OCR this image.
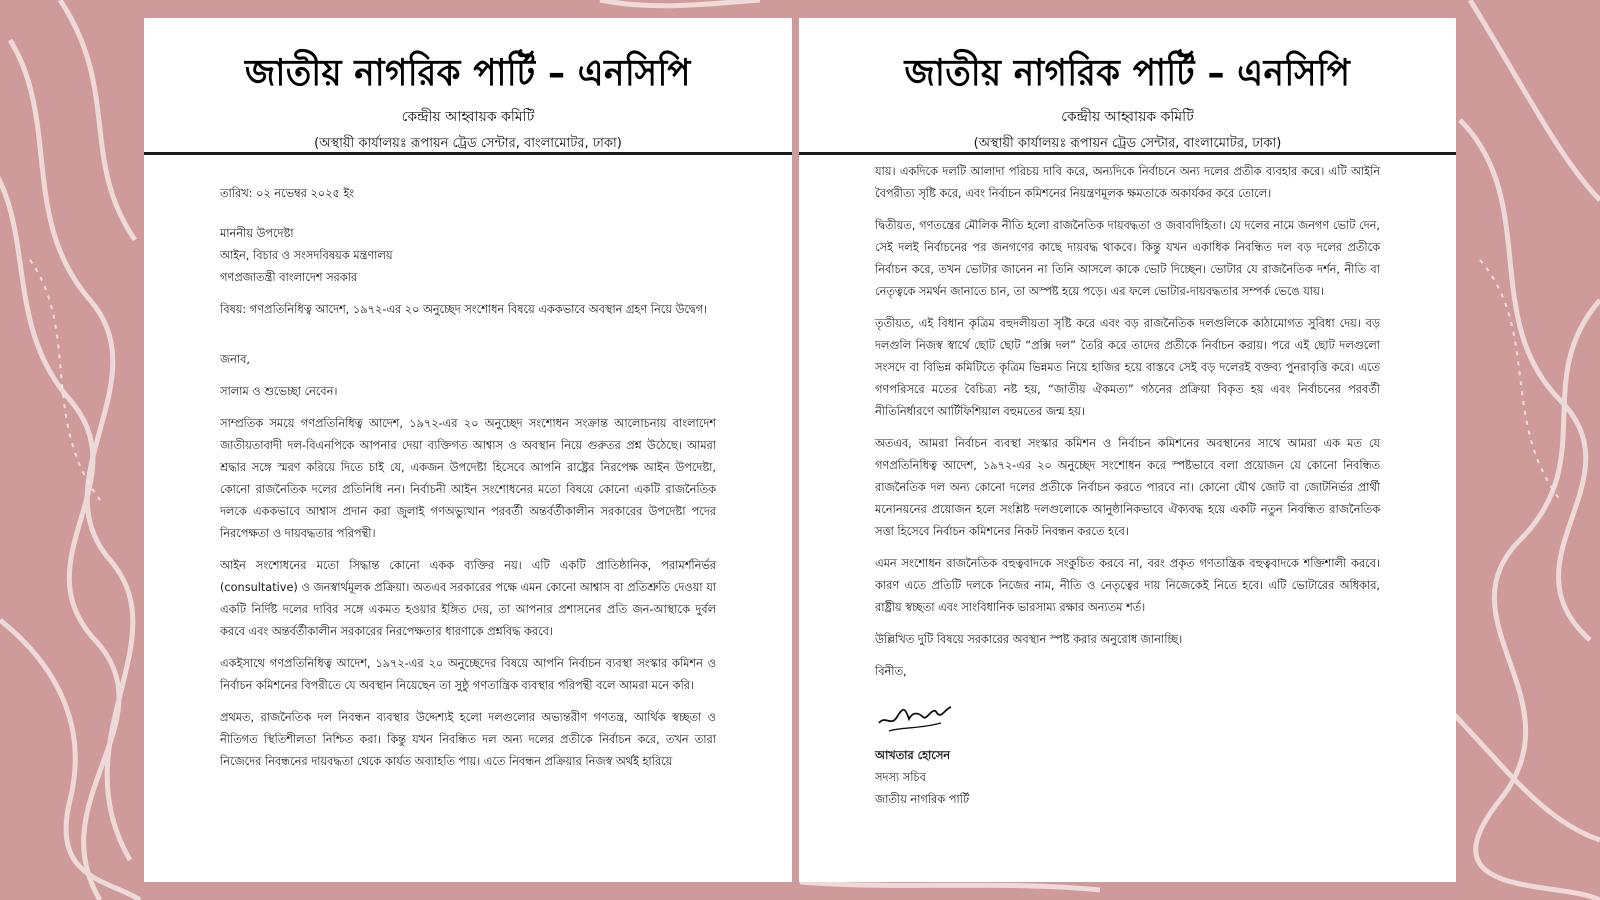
জাতীয় নাগরিক পার্টি – এনসিপি
কেন্দ্রীয় আহ্বায়ক কমিটি
(অস্থায়ী কার্যালয়ঃ রূপায়ন ট্রেড সেন্টার, বাংলামোটর, ঢাকা)

তারিখ: ০২ নভেম্বর ২০২৫ ইং

মাননীয় উপদেষ্টা

আইন, বিচার ও সংসদবিষয়ক মন্ত্রণালয়

গণপ্রজাতন্ত্রী বাংলাদেশ সরকার

বিষয়: গণপ্রতিনিধিত্ব আদেশ, ১৯৭২-এর ২০ অনুচ্ছেদ সংশোধন বিষয়ে এককভাবে অবস্থান গ্রহণ নিয়ে উদ্বেগ।

জনাব,

সালাম ও শুভেচ্ছা নেবেন।

সাম্প্রতিক সময়ে গণপ্রতিনিধিত্ব আদেশ, ১৯৭২-এর ২০ অনুচ্ছেদ সংশোধন সংক্রান্ত আলোচনায় বাংলাদেশ জাতীয়তাবাদী দল-বিএনপিকে আপনার দেয়া ব্যক্তিগত আশ্বাস ও অবস্থান নিয়ে গুরুতর প্রশ্ন উঠেছে। আমরা শ্রদ্ধার সঙ্গে স্মরণ করিয়ে দিতে চাই যে, একজন উপদেষ্টা হিসেবে আপনি রাষ্ট্রের নিরপেক্ষ আইন উপদেষ্টা, কোনো রাজনৈতিক দলের প্রতিনিধি নন। নির্বাচনী আইন সংশোধনের মতো বিষয়ে কোনো একটি রাজনৈতিক দলকে এককভাবে আশ্বাস প্রদান করা জুলাই গণঅভ্যুত্থান পরবর্তী অন্তর্বর্তীকালীন সরকারের উপদেষ্টা পদের নিরপেক্ষতা ও দায়বদ্ধতার পরিপন্থী।

আইন সংশোধনের মতো সিদ্ধান্ত কোনো একক ব্যক্তির নয়। এটি একটি প্রাতিষ্ঠানিক, পরামর্শনির্ভর (consultative) ও জনস্বার্থমূলক প্রক্রিয়া। অতএব সরকারের পক্ষে এমন কোনো আশ্বাস বা প্রতিশ্রুতি দেওয়া যা একটি নির্দিষ্ট দলের দাবির সঙ্গে একমত হওয়ার ইঙ্গিত দেয়, তা আপনার প্রশাসনের প্রতি জন-আস্থাকে দুর্বল করবে এবং অন্তর্বর্তীকালীন সরকারের নিরপেক্ষতার ধারণাকে প্রশ্নবিদ্ধ করবে।

একইসাথে গণপ্রতিনিধিত্ব আদেশ, ১৯৭২-এর ২০ অনুচ্ছেদের বিষয়ে আপনি নির্বাচন ব্যবস্থা সংস্কার কমিশন ও নির্বাচন কমিশনের বিপরীতে যে অবস্থান নিয়েছেন তা সুষ্ঠু গণতান্ত্রিক ব্যবস্থার পরিপন্থী বলে আমরা মনে করি।

প্রথমত, রাজনৈতিক দল নিবন্ধন ব্যবস্থার উদ্দেশ্যই হলো দলগুলোর অভ্যন্তরীণ গণতন্ত্র, আর্থিক স্বচ্ছতা ও নীতিগত স্থিতিশীলতা নিশ্চিত করা। কিন্তু যখন নিবন্ধিত দল অন্য দলের প্রতীকে নির্বাচন করে, তখন তারা নিজেদের নিবন্ধনের দায়বদ্ধতা থেকে কার্যত অব্যাহতি পায়। এতে নিবন্ধন প্রক্রিয়ার নিজস্ব অর্থই হারিয়ে

জাতীয় নাগরিক পার্টি – এনসিপি
কেন্দ্রীয় আহ্বায়ক কমিটি
(অস্থায়ী কার্যালয়ঃ রূপায়ন ট্রেড সেন্টার, বাংলামোটর, ঢাকা)

যায়। একদিকে দলটি আলাদা পরিচয় দাবি করে, অন্যদিকে নির্বাচনে অন্য দলের প্রতীক ব্যবহার করে। এটি আইনি বৈপরীত্য সৃষ্টি করে, এবং নির্বাচন কমিশনের নিয়ন্ত্রণমূলক ক্ষমতাকে অকার্যকর করে তোলে।

দ্বিতীয়ত, গণতন্ত্রের মৌলিক নীতি হলো রাজনৈতিক দায়বদ্ধতা ও জবাবদিহিতা। যে দলের নামে জনগণ ভোট দেন, সেই দলই নির্বাচনের পর জনগণের কাছে দায়বদ্ধ থাকবে। কিন্তু যখন একাধিক নিবন্ধিত দল বড় দলের প্রতীকে নির্বাচন করে, তখন ভোটার জানেন না তিনি আসলে কাকে ভোট দিচ্ছেন। ভোটার যে রাজনৈতিক দর্শন, নীতি বা নেতৃত্বকে সমর্থন জানাতে চান, তা অস্পষ্ট হয়ে পড়ে। এর ফলে ভোটার-দায়বদ্ধতার সম্পর্ক ভেঙে যায়।

তৃতীয়ত, এই বিধান কৃত্রিম বহুদলীয়তা সৃষ্টি করে এবং বড় রাজনৈতিক দলগুলিকে কাঠামোগত সুবিধা দেয়। বড় দলগুলি নিজস্ব স্বার্থে ছোট ছোট “প্রক্সি দল” তৈরি করে তাদের প্রতীকে নির্বাচন করায়। পরে এই ছোট দলগুলো সংসদে বা বিভিন্ন কমিটিতে কৃত্রিম ভিন্নমত নিয়ে হাজির হয়ে বাস্তবে সেই বড় দলেরই বক্তব্য পুনরাবৃত্তি করে। এতে গণপরিসরে মতের বৈচিত্র্য নষ্ট হয়, “জাতীয় ঐকমত্য” গঠনের প্রক্রিয়া বিকৃত হয় এবং নির্বাচনের পরবর্তী নীতিনির্ধারণে আর্টিফিশিয়াল বহুমতের জন্ম হয়।

অতএব, আমরা নির্বাচন ব্যবস্থা সংস্কার কমিশন ও নির্বাচন কমিশনের অবস্থানের সাথে আমরা এক মত যে গণপ্রতিনিধিত্ব আদেশ, ১৯৭২-এর ২০ অনুচ্ছেদ সংশোধন করে স্পষ্টভাবে বলা প্রয়োজন যে কোনো নিবন্ধিত রাজনৈতিক দল অন্য কোনো দলের প্রতীকে নির্বাচন করতে পারবে না। কোনো যৌথ জোট বা জোটনির্ভর প্রার্থী মনোনয়নের প্রয়োজন হলে সংশ্লিষ্ট দলগুলোকে আনুষ্ঠানিকভাবে ঐক্যবদ্ধ হয়ে একটি নতুন নিবন্ধিত রাজনৈতিক সত্তা হিসেবে নির্বাচন কমিশনের নিকট নিবন্ধন করতে হবে।

এমন সংশোধন রাজনৈতিক বহুত্ববাদকে সংকুচিত করবে না, বরং প্রকৃত গণতান্ত্রিক বহুত্ববাদকে শক্তিশালী করবে। কারণ এতে প্রতিটি দলকে নিজের নাম, নীতি ও নেতৃত্বের দায় নিজেকেই নিতে হবে। এটি ভোটারের অধিকার, রাষ্ট্রীয় স্বচ্ছতা এবং সাংবিধানিক ভারসাম্য রক্ষার অন্যতম শর্ত।

উল্লিখিত দুটি বিষয়ে সরকারের অবস্থান স্পষ্ট করার অনুরোধ জানাচ্ছি।

বিনীত,

আখতার হোসেন

সদস্য সচিব

জাতীয় নাগরিক পার্টি
